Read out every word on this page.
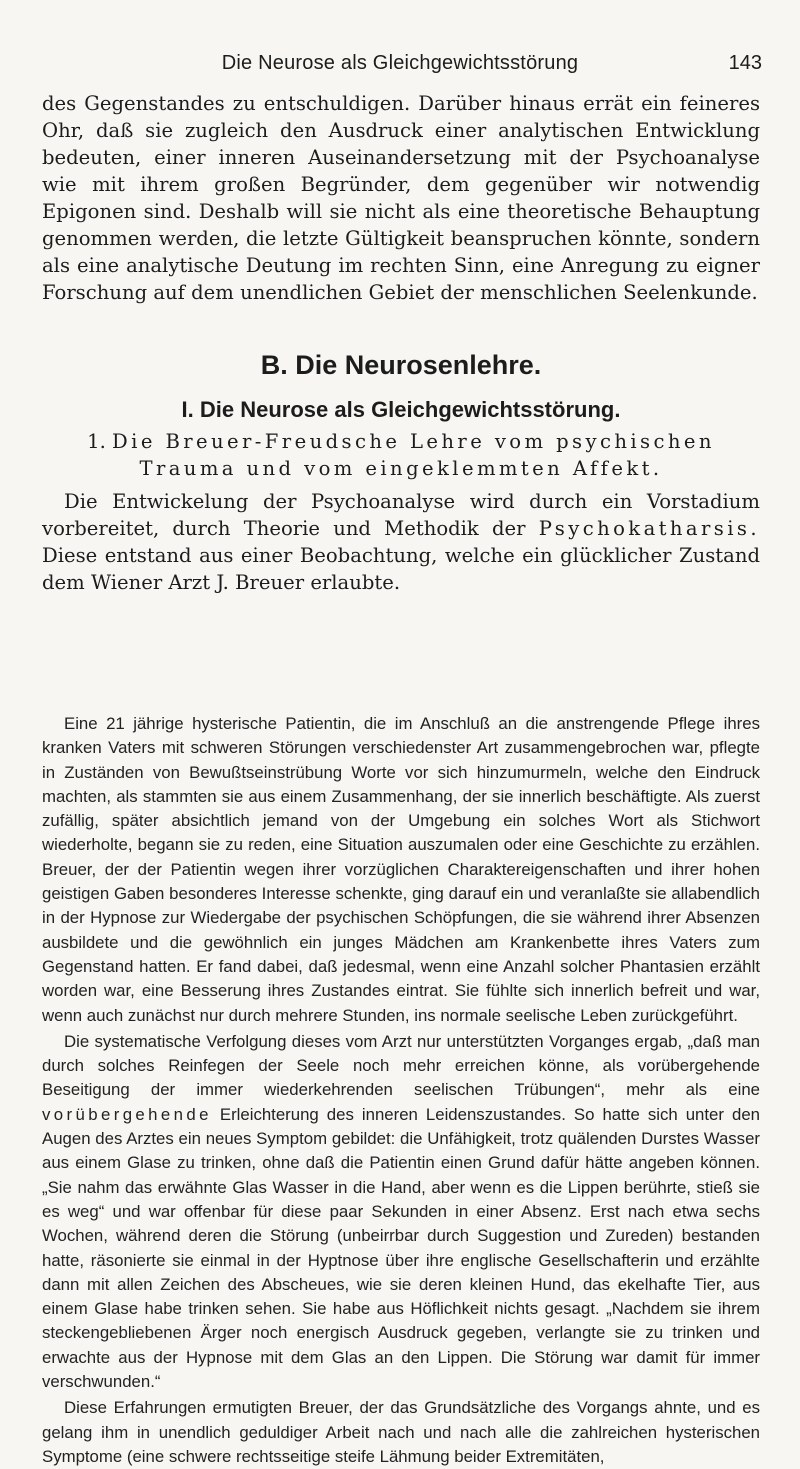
Die Neurose als Gleichgewichtsstörung	143

des Gegenstandes zu entschuldigen. Darüber hinaus errät ein feineres Ohr, daß sie zugleich den Ausdruck einer analytischen Entwicklung bedeuten, einer inneren Auseinandersetzung mit der Psychoanalyse wie mit ihrem großen Begründer, dem gegenüber wir notwendig Epigonen sind. Deshalb will sie nicht als eine theoretische Behauptung genommen werden, die letzte Gültigkeit beanspruchen könnte, sondern als eine analytische Deutung im rechten Sinn, eine Anregung zu eigner Forschung auf dem unendlichen Gebiet der menschlichen Seelenkunde.

B. Die Neurosenlehre.
I. Die Neurose als Gleichgewichtsstörung.
1. Die Breuer-Freudsche Lehre vom psychischen
Trauma und vom eingeklemmten Affekt.

Die Entwickelung der Psychoanalyse wird durch ein Vorstadium vorbereitet, durch Theorie und Methodik der Psychokatharsis. Diese entstand aus einer Beobachtung, welche ein glücklicher Zustand dem Wiener Arzt J. Breuer erlaubte.

Eine 21 jährige hysterische Patientin, die im Anschluß an die anstrengende Pflege ihres kranken Vaters mit schweren Störungen verschiedenster Art zusammengebrochen war, pflegte in Zuständen von Bewußtseinstrübung Worte vor sich hinzumurmeln, welche den Eindruck machten, als stammten sie aus einem Zusammenhang, der sie innerlich beschäftigte. Als zuerst zufällig, später absichtlich jemand von der Umgebung ein solches Wort als Stichwort wiederholte, begann sie zu reden, eine Situation auszumalen oder eine Geschichte zu erzählen. Breuer, der der Patientin wegen ihrer vorzüglichen Charaktereigenschaften und ihrer hohen geistigen Gaben besonderes Interesse schenkte, ging darauf ein und veranlaßte sie allabendlich in der Hypnose zur Wiedergabe der psychischen Schöpfungen, die sie während ihrer Absenzen ausbildete und die gewöhnlich ein junges Mädchen am Krankenbette ihres Vaters zum Gegenstand hatten. Er fand dabei, daß jedesmal, wenn eine Anzahl solcher Phantasien erzählt worden war, eine Besserung ihres Zustandes eintrat. Sie fühlte sich innerlich befreit und war, wenn auch zunächst nur durch mehrere Stunden, ins normale seelische Leben zurückgeführt.

Die systematische Verfolgung dieses vom Arzt nur unterstützten Vorganges ergab, „daß man durch solches Reinfegen der Seele noch mehr erreichen könne, als vorübergehende Beseitigung der immer wiederkehrenden seelischen Trübungen“, mehr als eine vorübergehende Erleichterung des inneren Leidenszustandes. So hatte sich unter den Augen des Arztes ein neues Symptom gebildet: die Unfähigkeit, trotz quälenden Durstes Wasser aus einem Glase zu trinken, ohne daß die Patientin einen Grund dafür hätte angeben können. „Sie nahm das erwähnte Glas Wasser in die Hand, aber wenn es die Lippen berührte, stieß sie es weg“ und war offenbar für diese paar Sekunden in einer Absenz. Erst nach etwa sechs Wochen, während deren die Störung (unbeirrbar durch Suggestion und Zureden) bestanden hatte, räsonierte sie einmal in der Hyptnose über ihre englische Gesellschafterin und erzählte dann mit allen Zeichen des Abscheues, wie sie deren kleinen Hund, das ekelhafte Tier, aus einem Glase habe trinken sehen. Sie habe aus Höflichkeit nichts gesagt. „Nachdem sie ihrem steckengebliebenen Ärger noch energisch Ausdruck gegeben, verlangte sie zu trinken und erwachte aus der Hypnose mit dem Glas an den Lippen. Die Störung war damit für immer verschwunden.“

Diese Erfahrungen ermutigten Breuer, der das Grundsätzliche des Vorgangs ahnte, und es gelang ihm in unendlich geduldiger Arbeit nach und nach alle die zahlreichen hysterischen Symptome (eine schwere rechtsseitige steife Lähmung beider Extremitäten,
